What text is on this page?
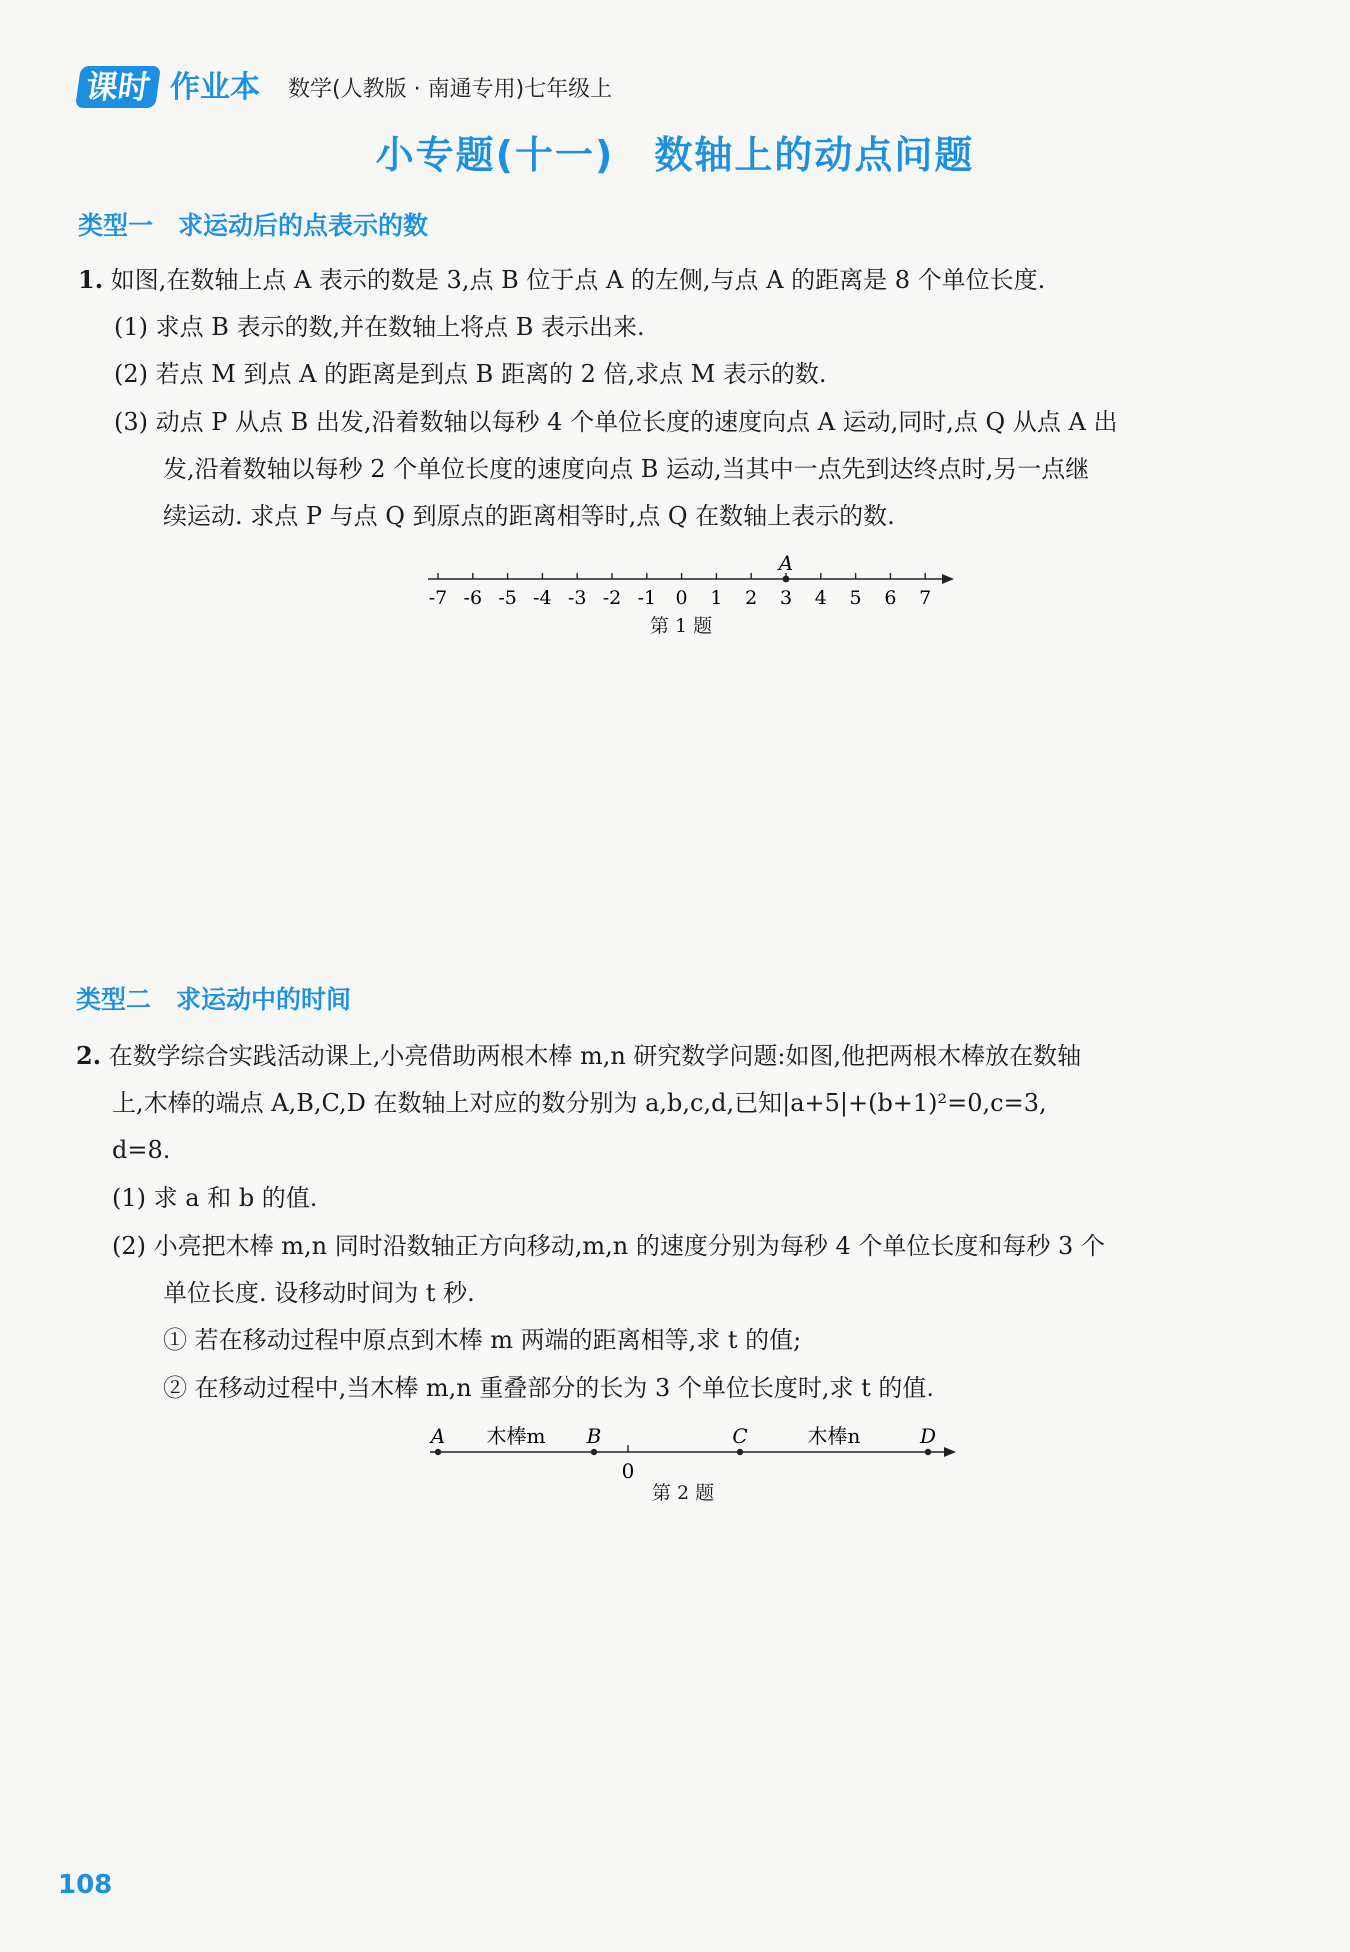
课时 作业本 数学(人教版 · 南通专用)七年级上
小专题(十一)　数轴上的动点问题
类型一　求运动后的点表示的数
1. 如图,在数轴上点 A 表示的数是 3,点 B 位于点 A 的左侧,与点 A 的距离是 8 个单位长度.
(1) 求点 B 表示的数,并在数轴上将点 B 表示出来.
(2) 若点 M 到点 A 的距离是到点 B 距离的 2 倍,求点 M 表示的数.
(3) 动点 P 从点 B 出发,沿着数轴以每秒 4 个单位长度的速度向点 A 运动,同时,点 Q 从点 A 出
发,沿着数轴以每秒 2 个单位长度的速度向点 B 运动,当其中一点先到达终点时,另一点继
续运动. 求点 P 与点 Q 到原点的距离相等时,点 Q 在数轴上表示的数.
-7 -6 -5 -4 -3 -2 -1 0 1 2 3 4 5 6 7
A
第 1 题
类型二　求运动中的时间
2. 在数学综合实践活动课上,小亮借助两根木棒 m,n 研究数学问题:如图,他把两根木棒放在数轴
上,木棒的端点 A,B,C,D 在数轴上对应的数分别为 a,b,c,d,已知|a+5|+(b+1)²=0,c=3,
d=8.
(1) 求 a 和 b 的值.
(2) 小亮把木棒 m,n 同时沿数轴正方向移动,m,n 的速度分别为每秒 4 个单位长度和每秒 3 个
单位长度. 设移动时间为 t 秒.
① 若在移动过程中原点到木棒 m 两端的距离相等,求 t 的值;
② 在移动过程中,当木棒 m,n 重叠部分的长为 3 个单位长度时,求 t 的值.
A 木棒m B
0
C	木棒n	D
第 2 题
108
